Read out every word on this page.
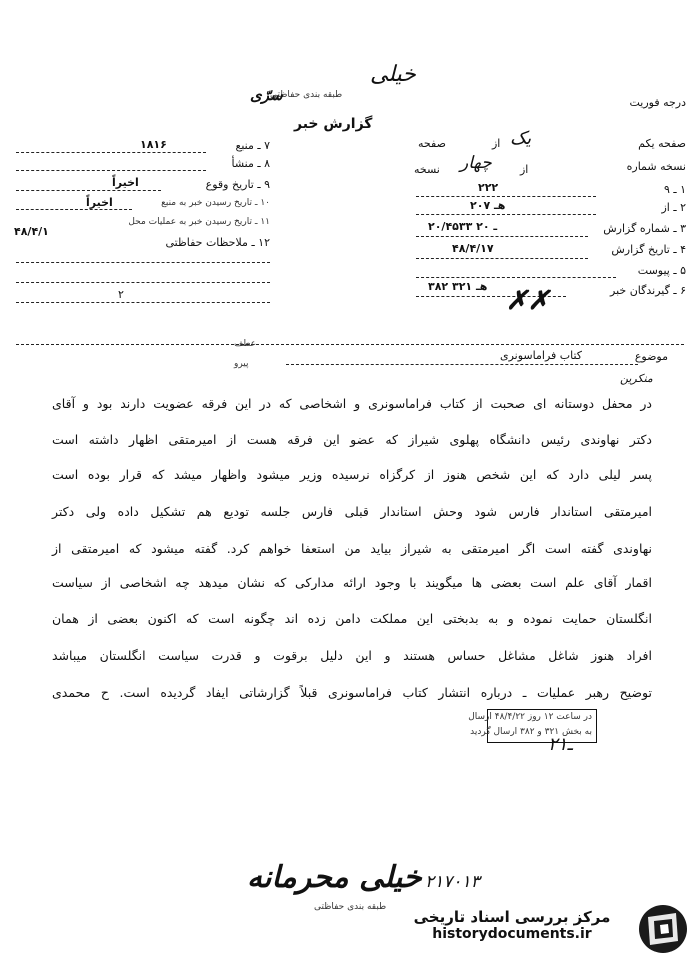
درجه فوریت
خیلی
طبقه بندی حفاظتی
سرّی
گزارش خبر
صفحه یکم
از یک
صفحه
نسخه شماره
از
چهار
نسخه
۱ ـ ۹
۲۲۲
۲ ـ از
۲۰هـ ۷
۳ ـ شماره گزارش
۲۰/۴۵۳۳ ـ ۲۰
۴ ـ تاریخ گزارش
۴۸/۴/۱۷
۵ ـ پیوست
۶ ـ گیرندگان خبر
۳۸۲ هـ ۳۲۱ ✗✗
۷ ـ منبع
۱۸۱۶
۸ ـ منشأ
۹ ـ تاریخ وقوع
اخیراً
۱۰ ـ تاریخ رسیدن خبر به منبع
اخیراً
۱۱ ـ تاریخ رسیدن خبر به عملیات محل
۴۸/۴/۱
۱۲ ـ ملاحظات حفاظتی
۲
عطف
پیرو
موضوع
کتاب فراماسونری
منکرین
در محفل دوستانه ای صحبت از کتاب فراماسونری و اشخاصی که در این فرقه عضویت دارند بود و آقای
دکتر نهاوندی رئیس دانشگاه پهلوی شیراز که عضو این فرقه هست از امیرمتقی اظهار داشته است
پسر لیلی دارد که این شخص هنوز از کرگزاه نرسیده وزیر میشود واظهار میشد که قرار بوده است
امیرمتقی استاندار فارس شود وحش استاندار قبلی فارس جلسه تودیع هم تشکیل داده ولی دکتر
نهاوندی گفته است اگر امیرمتقی به شیراز بیاید من استعفا خواهم کرد. گفته میشود که امیرمتقی از
اقمار آقای علم است بعضی ها میگویند با وجود ارائه مدارکی که نشان میدهد چه اشخاصی از سیاست
انگلستان حمایت نموده و به بدبختی این مملکت دامن زده اند چگونه است که اکنون بعضی از همان
افراد هنوز شاغل مشاغل حساس هستند و این دلیل برقوت و قدرت سیاست انگلستان میباشد
توضیح رهبر عملیات ـ درباره انتشار کتاب فراماسونری قبلاً گزارشاتی ایفاد گردیده است. ح محمدی
در ساعت ۱۲ روز ۴۸/۴/۲۲ ارسال
به بخش ۳۲۱ و ۳۸۲ ارسال گردید
ـ۲۱
خیلی محرمانه
طبقه بندی حفاظتی
۲۱۷۰۱۳
مرکز بررسی اسناد تاریخی
historydocuments.ir
